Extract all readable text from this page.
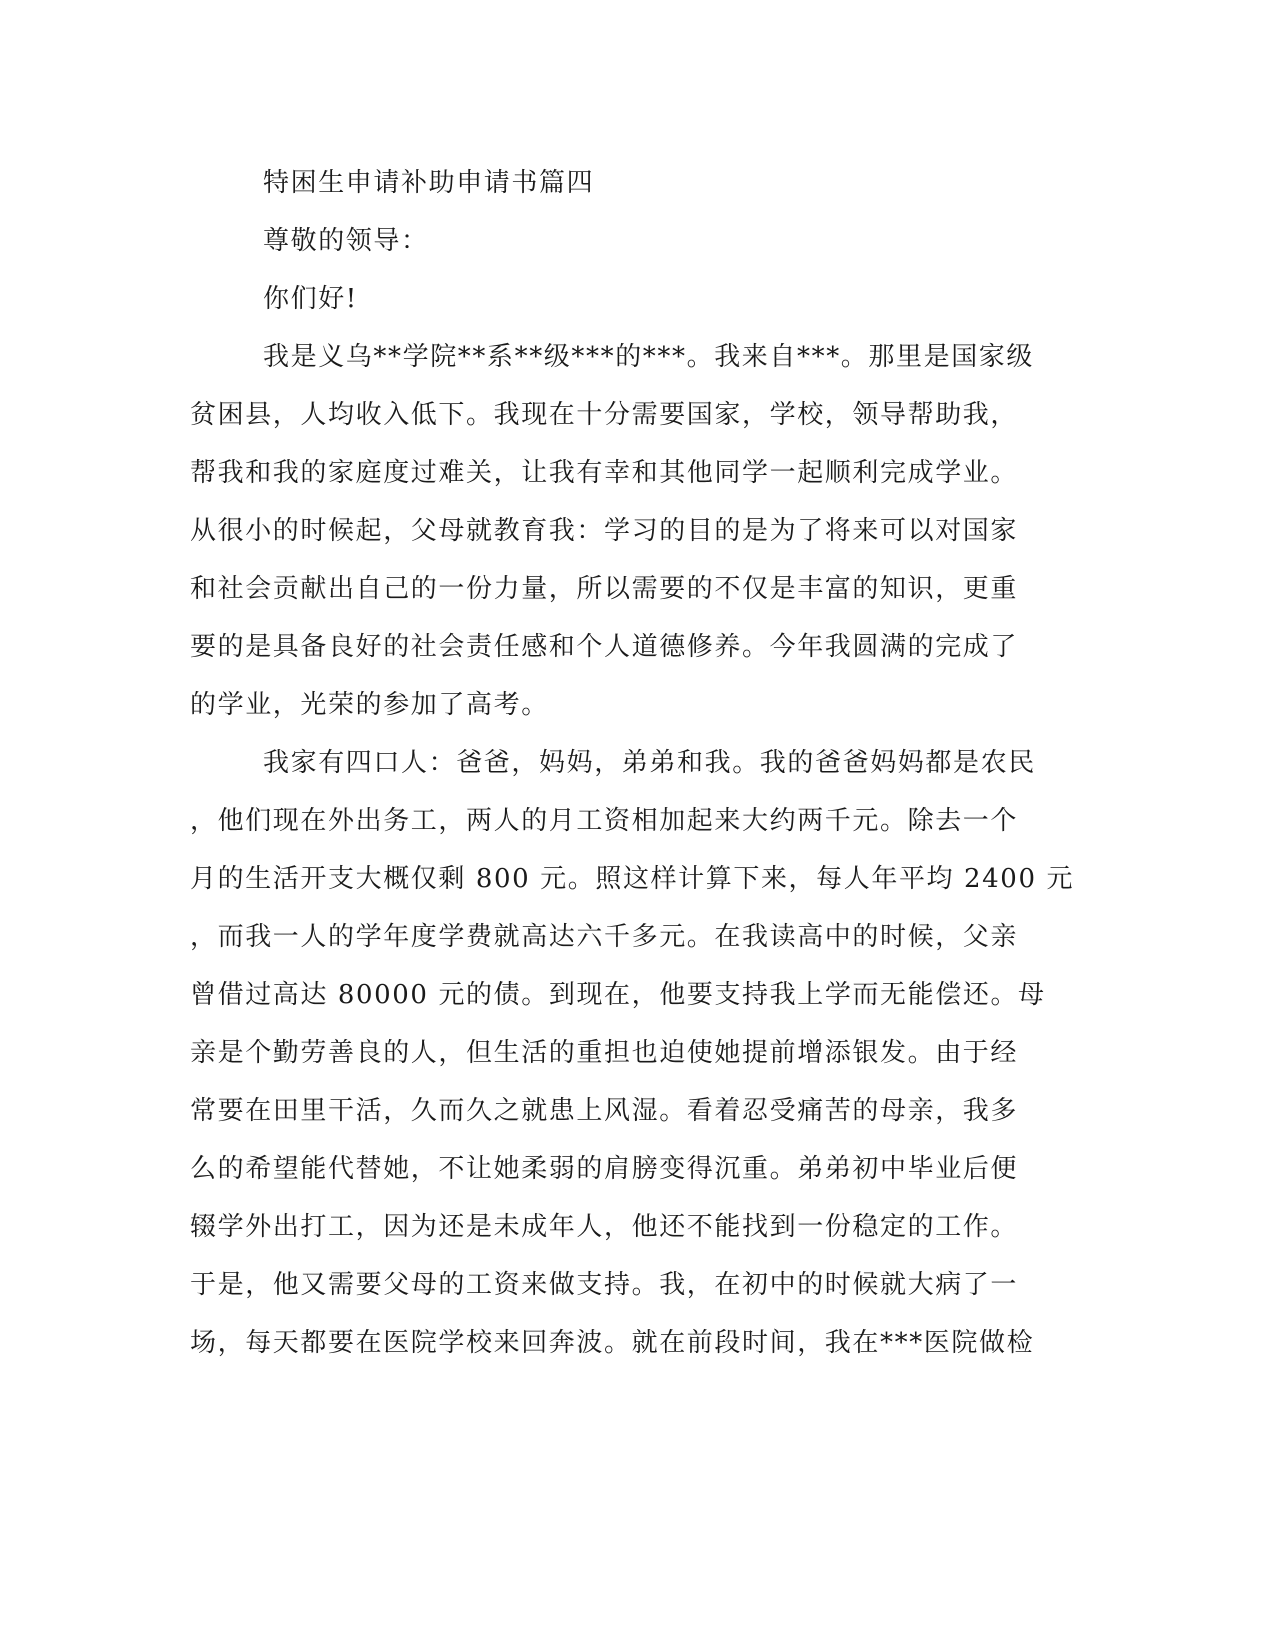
特困生申请补助申请书篇四
尊敬的领导：
你们好!
我是义乌**学院**系**级***的***。我来自***。那里是国家级
贫困县，人均收入低下。我现在十分需要国家，学校，领导帮助我，
帮我和我的家庭度过难关，让我有幸和其他同学一起顺利完成学业。
从很小的时候起，父母就教育我：学习的目的是为了将来可以对国家
和社会贡献出自己的一份力量，所以需要的不仅是丰富的知识，更重
要的是具备良好的社会责任感和个人道德修养。今年我圆满的完成了
的学业，光荣的参加了高考。
我家有四口人：爸爸，妈妈，弟弟和我。我的爸爸妈妈都是农民
，他们现在外出务工，两人的月工资相加起来大约两千元。除去一个
月的生活开支大概仅剩 800 元。照这样计算下来，每人年平均 2400 元
，而我一人的学年度学费就高达六千多元。在我读高中的时候，父亲
曾借过高达 80000 元的债。到现在，他要支持我上学而无能偿还。母
亲是个勤劳善良的人，但生活的重担也迫使她提前增添银发。由于经
常要在田里干活，久而久之就患上风湿。看着忍受痛苦的母亲，我多
么的希望能代替她，不让她柔弱的肩膀变得沉重。弟弟初中毕业后便
辍学外出打工，因为还是未成年人，他还不能找到一份稳定的工作。
于是，他又需要父母的工资来做支持。我，在初中的时候就大病了一
场，每天都要在医院学校来回奔波。就在前段时间，我在***医院做检
